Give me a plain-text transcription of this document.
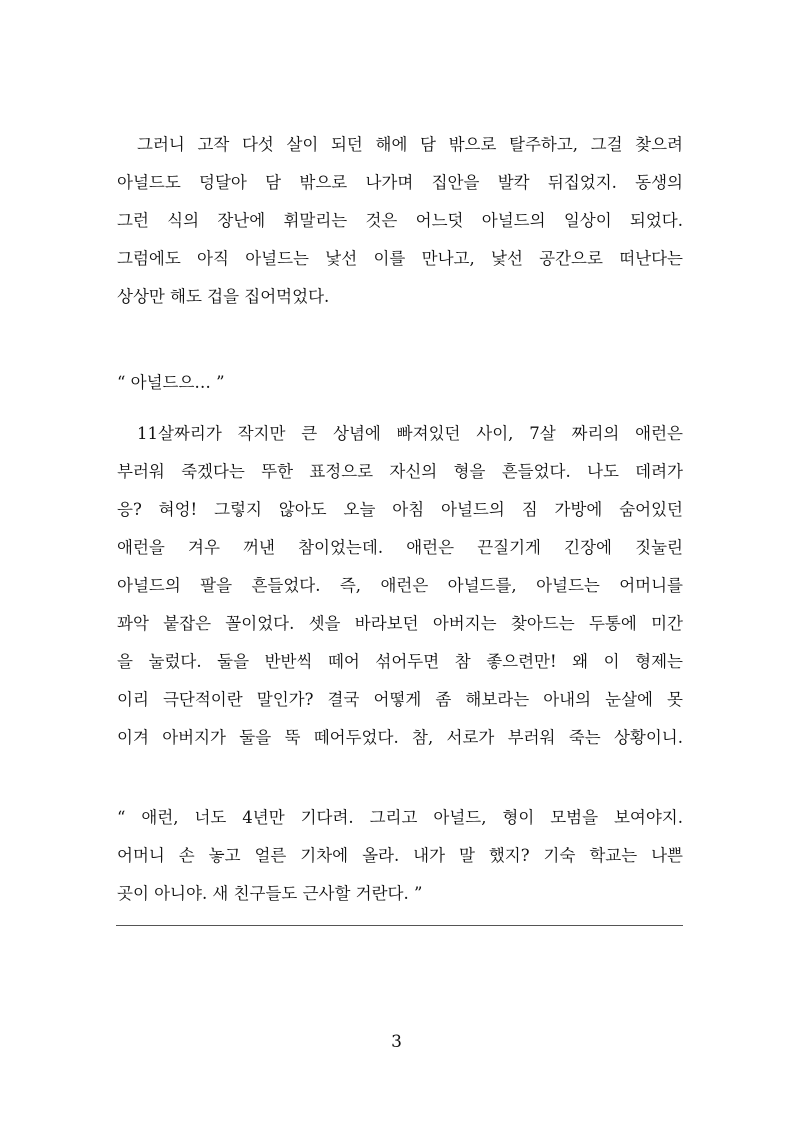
그러니 고작 다섯 살이 되던 해에 담 밖으로 탈주하고, 그걸 찾으려
아널드도 덩달아 담 밖으로 나가며 집안을 발칵 뒤집었지. 동생의
그런 식의 장난에 휘말리는 것은 어느덧 아널드의 일상이 되었다.
그럼에도 아직 아널드는 낯선 이를 만나고, 낯선 공간으로 떠난다는
상상만 해도 겁을 집어먹었다.
“ 아널드으… ”
11살짜리가 작지만 큰 상념에 빠져있던 사이, 7살 짜리의 애런은
부러워 죽겠다는 뚜한 표정으로 자신의 형을 흔들었다. 나도 데려가
응? 혀엉! 그렇지 않아도 오늘 아침 아널드의 짐 가방에 숨어있던
애런을 겨우 꺼낸 참이었는데. 애런은 끈질기게 긴장에 짓눌린
아널드의 팔을 흔들었다. 즉, 애런은 아널드를, 아널드는 어머니를
꽈악 붙잡은 꼴이었다. 셋을 바라보던 아버지는 찾아드는 두통에 미간
을 눌렀다. 둘을 반반씩 떼어 섞어두면 참 좋으련만! 왜 이 형제는
이리 극단적이란 말인가? 결국 어떻게 좀 해보라는 아내의 눈살에 못
이겨 아버지가 둘을 뚝 떼어두었다. 참, 서로가 부러워 죽는 상황이니.
“ 애런, 너도 4년만 기다려. 그리고 아널드, 형이 모범을 보여야지.
어머니 손 놓고 얼른 기차에 올라. 내가 말 했지? 기숙 학교는 나쁜
곳이 아니야. 새 친구들도 근사할 거란다. ”
3
